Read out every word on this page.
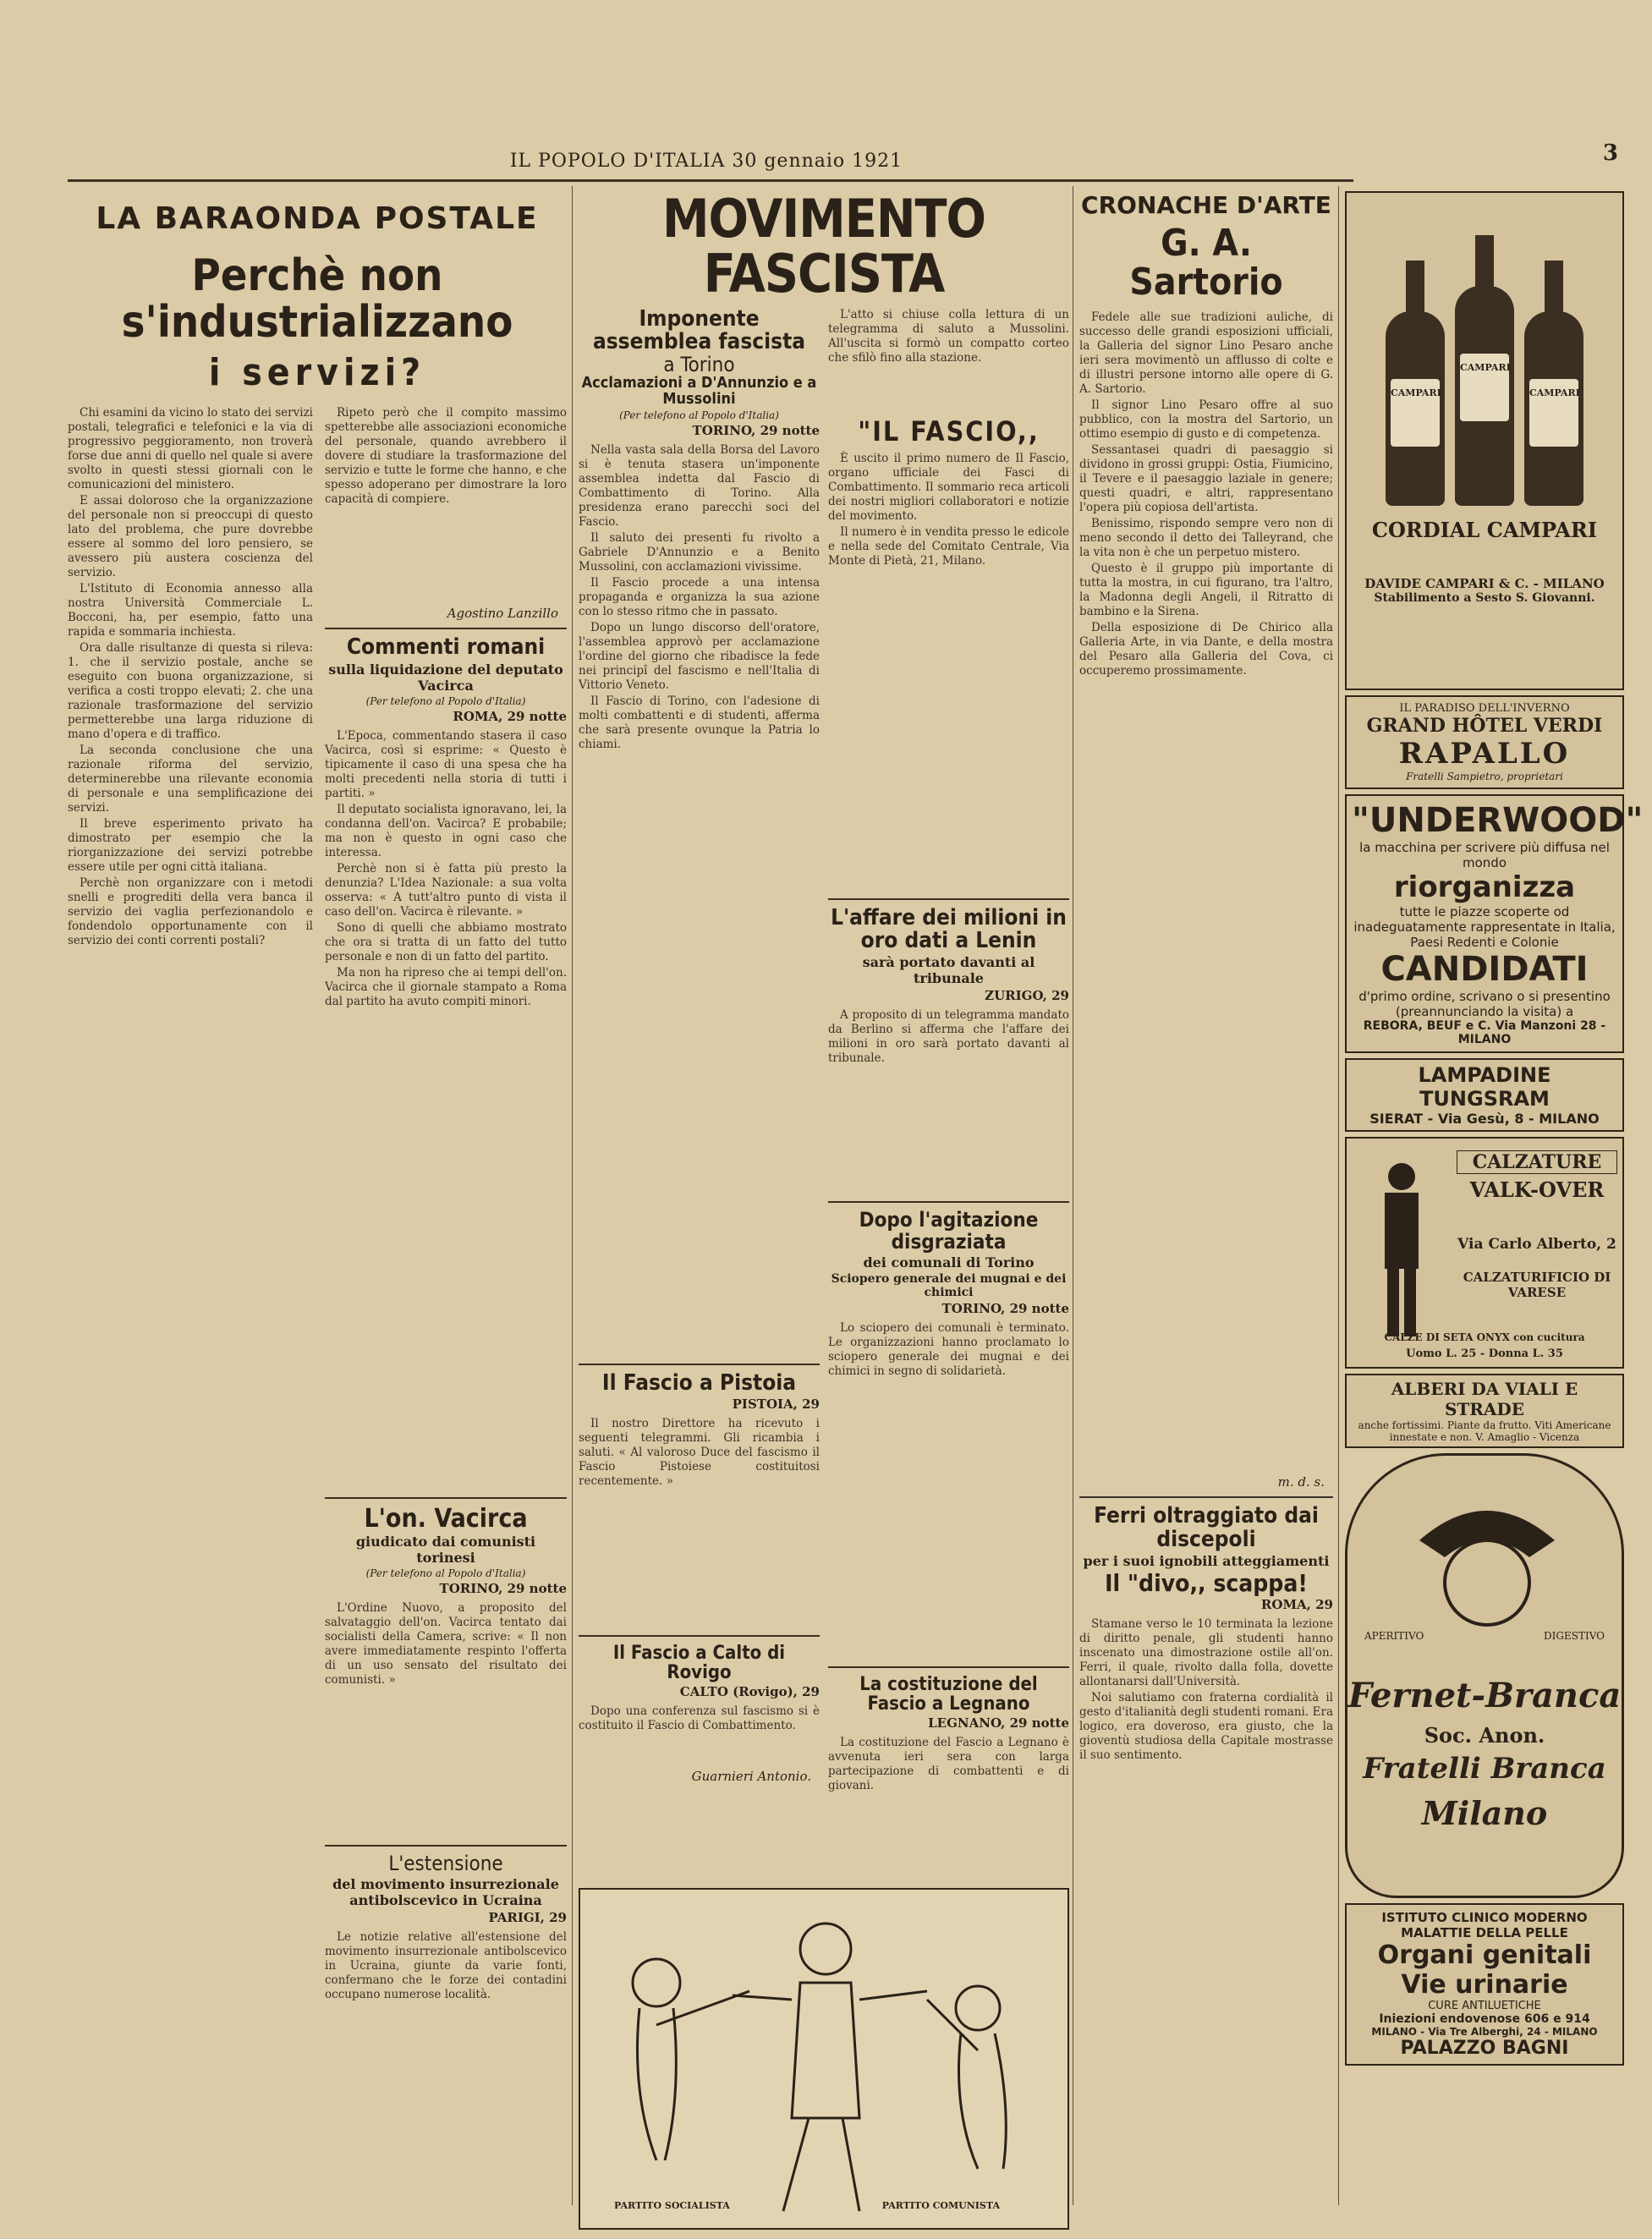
IL POPOLO D'ITALIA 30 gennaio 1921	3
LA BARAONDA POSTALE
Perchè non s'industrializzano
i servizi?

Chi esamini da vicino lo stato dei servizi postali, telegrafici e telefonici e la via di progressivo peggioramento, non troverà forse due anni di quello nel quale si avere svolto in questi stessi giornali con le comunicazioni del ministero.

E assai doloroso che la organizzazione del personale non si preoccupi di questo lato del problema, che pure dovrebbe essere al sommo del loro pensiero, se avessero più austera coscienza del servizio.

L'Istituto di Economia annesso alla nostra Università Commerciale L. Bocconi, ha, per esempio, fatto una rapida e sommaria inchiesta.

Ora dalle risultanze di questa si rileva: 1. che il servizio postale, anche se eseguito con buona organizzazione, si verifica a costi troppo elevati; 2. che una razionale trasformazione del servizio permetterebbe una larga riduzione di mano d'opera e di traffico.

La seconda conclusione che una razionale riforma del servizio, determinerebbe una rilevante economia di personale e una semplificazione dei servizi.

Il breve esperimento privato ha dimostrato per esempio che la riorganizzazione dei servizi potrebbe essere utile per ogni città italiana.

Perchè non organizzare con i metodi snelli e progrediti della vera banca il servizio dei vaglia perfezionandolo e fondendolo opportunamente con il servizio dei conti correnti postali?

Ripeto però che il compito massimo spetterebbe alle associazioni economiche del personale, quando avrebbero il dovere di studiare la trasformazione del servizio e tutte le forme che hanno, e che spesso adoperano per dimostrare la loro capacità di compiere.

Agostino Lanzillo
Commenti romani
sulla liquidazione del deputato Vacirca
(Per telefono al Popolo d'Italia)
ROMA, 29 notte

L'Epoca, commentando stasera il caso Vacirca, così si esprime: « Questo è tipicamente il caso di una spesa che ha molti precedenti nella storia di tutti i partiti. »

Il deputato socialista ignoravano, lei, la condanna dell'on. Vacirca? E probabile; ma non è questo in ogni caso che interessa.

Perchè non si è fatta più presto la denunzia? L'Idea Nazionale: a sua volta osserva: « A tutt'altro punto di vista il caso dell'on. Vacirca è rilevante. »

Sono di quelli che abbiamo mostrato che ora si tratta di un fatto del tutto personale e non di un fatto del partito.

Ma non ha ripreso che ai tempi dell'on. Vacirca che il giornale stampato a Roma dal partito ha avuto compiti minori.

L'on. Vacirca
giudicato dai comunisti torinesi
(Per telefono al Popolo d'Italia)
TORINO, 29 notte

L'Ordine Nuovo, a proposito del salvataggio dell'on. Vacirca tentato dai socialisti della Camera, scrive: « Il non avere immediatamente respinto l'offerta di un uso sensato del risultato dei comunisti. »

L'estensione
del movimento insurrezionale antibolscevico in Ucraina
PARIGI, 29

Le notizie relative all'estensione del movimento insurrezionale antibolscevico in Ucraina, giunte da varie fonti, confermano che le forze dei contadini occupano numerose località.

MOVIMENTO FASCISTA
Imponente assemblea fascista
a Torino
Acclamazioni a D'Annunzio e a Mussolini
(Per telefono al Popolo d'Italia)
TORINO, 29 notte

Nella vasta sala della Borsa del Lavoro si è tenuta stasera un'imponente assemblea indetta dal Fascio di Combattimento di Torino. Alla presidenza erano parecchi soci del Fascio.

Il saluto dei presenti fu rivolto a Gabriele D'Annunzio e a Benito Mussolini, con acclamazioni vivissime.

Il Fascio procede a una intensa propaganda e organizza la sua azione con lo stesso ritmo che in passato.

Dopo un lungo discorso dell'oratore, l'assemblea approvò per acclamazione l'ordine del giorno che ribadisce la fede nei principî del fascismo e nell'Italia di Vittorio Veneto.

Il Fascio di Torino, con l'adesione di molti combattenti e di studenti, afferma che sarà presente ovunque la Patria lo chiami.

Il Fascio a Pistoia
PISTOIA, 29

Il nostro Direttore ha ricevuto i seguenti telegrammi. Gli ricambia i saluti. « Al valoroso Duce del fascismo il Fascio Pistoiese costituitosi recentemente. »

Il Fascio a Calto di Rovigo
CALTO (Rovigo), 29

Dopo una conferenza sul fascismo si è costituito il Fascio di Combattimento.

Guarnieri Antonio.

L'atto si chiuse colla lettura di un telegramma di saluto a Mussolini. All'uscita si formò un compatto corteo che sfilò fino alla stazione.

"IL FASCIO,,

È uscito il primo numero de Il Fascio, organo ufficiale dei Fasci di Combattimento. Il sommario reca articoli dei nostri migliori collaboratori e notizie del movimento.

Il numero è in vendita presso le edicole e nella sede del Comitato Centrale, Via Monte di Pietà, 21, Milano.

L'affare dei milioni in oro dati a Lenin
sarà portato davanti al tribunale
ZURIGO, 29

A proposito di un telegramma mandato da Berlino si afferma che l'affare dei milioni in oro sarà portato davanti al tribunale.

Dopo l'agitazione disgraziata
dei comunali di Torino
Sciopero generale dei mugnai e dei chimici
TORINO, 29 notte

Lo sciopero dei comunali è terminato. Le organizzazioni hanno proclamato lo sciopero generale dei mugnai e dei chimici in segno di solidarietà.

La costituzione del Fascio a Legnano
LEGNANO, 29 notte

La costituzione del Fascio a Legnano è avvenuta ieri sera con larga partecipazione di combattenti e di giovani.

PARTITO SOCIALISTA	PARTITO COMUNISTA
CRONACHE D'ARTE
G. A. Sartorio

Fedele alle sue tradizioni auliche, di successo delle grandi esposizioni ufficiali, la Galleria del signor Lino Pesaro anche ieri sera movimentò un afflusso di colte e di illustri persone intorno alle opere di G. A. Sartorio.

Il signor Lino Pesaro offre al suo pubblico, con la mostra del Sartorio, un ottimo esempio di gusto e di competenza.

Sessantasei quadri di paesaggio si dividono in grossi gruppi: Ostia, Fiumicino, il Tevere e il paesaggio laziale in genere; questi quadri, e altri, rappresentano l'opera più copiosa dell'artista.

Benissimo, rispondo sempre vero non di meno secondo il detto dei Talleyrand, che la vita non è che un perpetuo mistero.

Questo è il gruppo più importante di tutta la mostra, in cui figurano, tra l'altro, la Madonna degli Angeli, il Ritratto di bambino e la Sirena.

Della esposizione di De Chirico alla Galleria Arte, in via Dante, e della mostra del Pesaro alla Galleria del Cova, ci occuperemo prossimamente.

m. d. s.
Ferri oltraggiato dai discepoli
per i suoi ignobili atteggiamenti
Il "divo,, scappa!
ROMA, 29

Stamane verso le 10 terminata la lezione di diritto penale, gli studenti hanno inscenato una dimostrazione ostile all'on. Ferri, il quale, rivolto dalla folla, dovette allontanarsi dall'Università.

Noi salutiamo con fraterna cordialità il gesto d'italianità degli studenti romani. Era logico, era doveroso, era giusto, che la gioventù studiosa della Capitale mostrasse il suo sentimento.

CAMPARI
CAMPARI
CAMPARI
CORDIAL CAMPARI
DAVIDE CAMPARI & C. - MILANO
Stabilimento a Sesto S. Giovanni.
IL PARADISO DELL'INVERNO
GRAND HÔTEL VERDI
RAPALLO
Fratelli Sampietro, proprietari
"UNDERWOOD"
la macchina per scrivere più diffusa nel mondo
riorganizza
tutte le piazze scoperte od inadeguatamente rappresentate in Italia, Paesi Redenti e Colonie
CANDIDATI
d'primo ordine, scrivano o si presentino (preannunciando la visita) a
REBORA, BEUF e C. Via Manzoni 28 - MILANO
LAMPADINE TUNGSRAM
SIERAT - Via Gesù, 8 - MILANO
CALZATURE
VALK-OVER
Via Carlo Alberto, 2
CALZATURIFICIO DI VARESE
CALZE DI SETA ONYX con cucitura
Uomo L. 25 - Donna L. 35
ALBERI DA VIALI E STRADE
anche fortissimi. Piante da frutto. Viti Americane innestate e non. V. Amaglio - Vicenza
APERITIVO	DIGESTIVO
Fernet-Branca
Soc. Anon.
Fratelli Branca
Milano
ISTITUTO CLINICO MODERNO
MALATTIE DELLA PELLE
Organi genitali
Vie urinarie
CURE ANTILUETICHE
Iniezioni endovenose 606 e 914
MILANO - Via Tre Alberghi, 24 - MILANO
PALAZZO BAGNI
